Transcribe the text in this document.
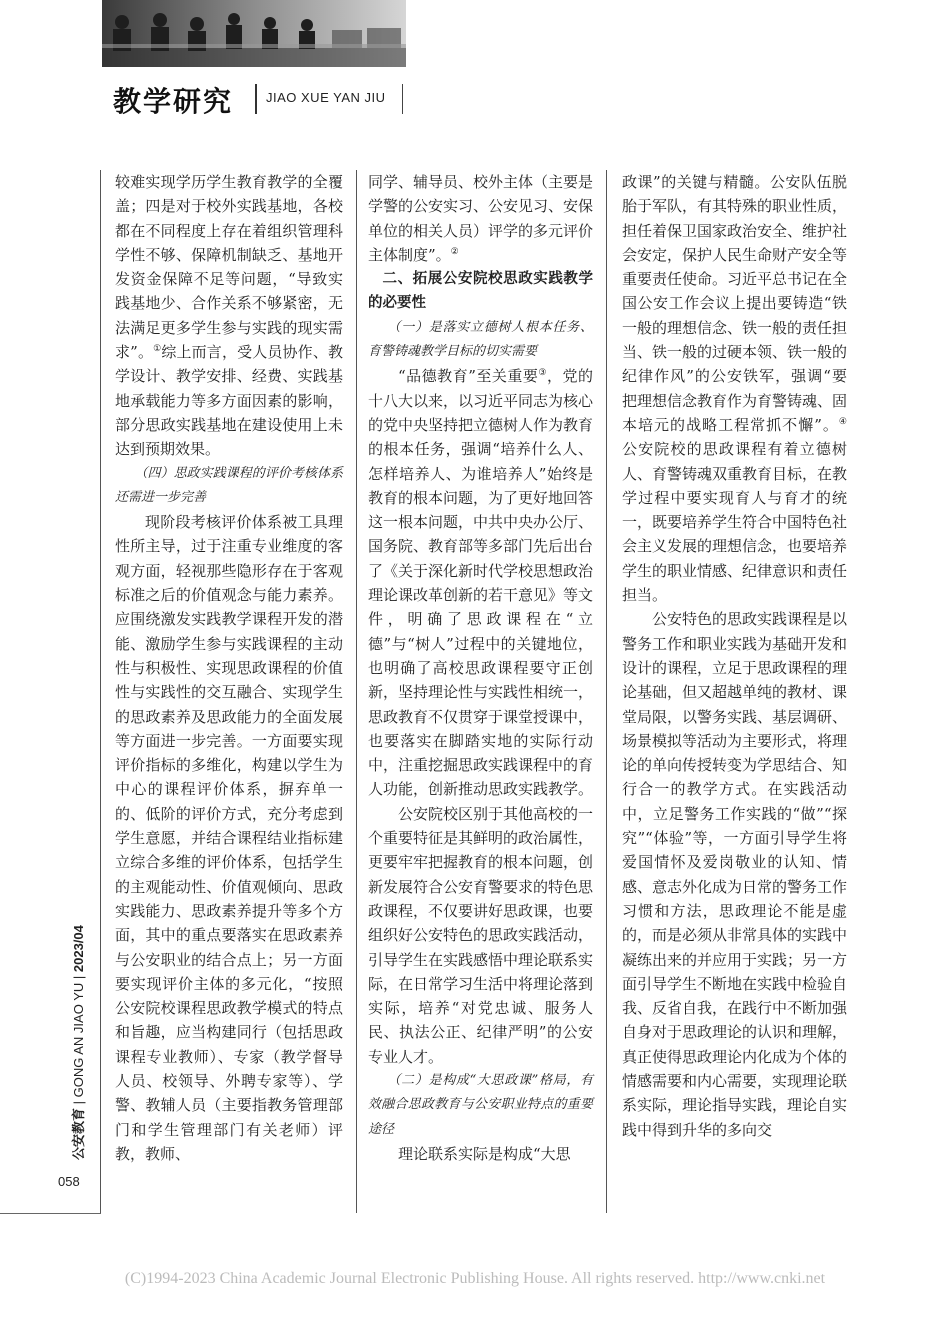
教学研究	JIAO XUE YAN JIU

较难实现学历学生教育教学的全覆盖；四是对于校外实践基地，各校都在不同程度上存在着组织管理科学性不够、保障机制缺乏、基地开发资金保障不足等问题，“导致实践基地少、合作关系不够紧密，无法满足更多学生参与实践的现实需求”。①综上而言，受人员协作、教学设计、教学安排、经费、实践基地承载能力等多方面因素的影响，部分思政实践基地在建设使用上未达到预期效果。

（四）思政实践课程的评价考核体系还需进一步完善

现阶段考核评价体系被工具理性所主导，过于注重专业维度的客观方面，轻视那些隐形存在于客观标准之后的价值观念与能力素养。应围绕激发实践教学课程开发的潜能、激励学生参与实践课程的主动性与积极性、实现思政课程的价值性与实践性的交互融合、实现学生的思政素养及思政能力的全面发展等方面进一步完善。一方面要实现评价指标的多维化，构建以学生为中心的课程评价体系，摒弃单一的、低阶的评价方式，充分考虑到学生意愿，并结合课程结业指标建立综合多维的评价体系，包括学生的主观能动性、价值观倾向、思政实践能力、思政素养提升等多个方面，其中的重点要落实在思政素养与公安职业的结合点上；另一方面要实现评价主体的多元化，“按照公安院校课程思政教学模式的特点和旨趣，应当构建同行（包括思政课程专业教师）、专家（教学督导人员、校领导、外聘专家等）、学警、教辅人员（主要指教务管理部门和学生管理部门有关老师）评教，教师、

同学、辅导员、校外主体（主要是学警的公安实习、公安见习、安保单位的相关人员）评学的多元评价主体制度”。②

二、拓展公安院校思政实践教学的必要性

（一）是落实立德树人根本任务、育警铸魂教学目标的切实需要

“品德教育”至关重要③，党的十八大以来，以习近平同志为核心的党中央坚持把立德树人作为教育的根本任务，强调“培养什么人、怎样培养人、为谁培养人”始终是教育的根本问题，为了更好地回答这一根本问题，中共中央办公厅、国务院、教育部等多部门先后出台了《关于深化新时代学校思想政治理论课改革创新的若干意见》等文件，明确了思政课程在“立德”与“树人”过程中的关键地位，也明确了高校思政课程要守正创新，坚持理论性与实践性相统一，思政教育不仅贯穿于课堂授课中，也要落实在脚踏实地的实际行动中，注重挖掘思政实践课程中的育人功能，创新推动思政实践教学。

公安院校区别于其他高校的一个重要特征是其鲜明的政治属性，更要牢牢把握教育的根本问题，创新发展符合公安育警要求的特色思政课程，不仅要讲好思政课，也要组织好公安特色的思政实践活动，引导学生在实践感悟中理论联系实际，在日常学习生活中将理论落到实际，培养“对党忠诚、服务人民、执法公正、纪律严明”的公安专业人才。

（二）是构成“大思政课”格局，有效融合思政教育与公安职业特点的重要途径

理论联系实际是构成“大思

政课”的关键与精髓。公安队伍脱胎于军队，有其特殊的职业性质，担任着保卫国家政治安全、维护社会安定，保护人民生命财产安全等重要责任使命。习近平总书记在全国公安工作会议上提出要铸造“铁一般的理想信念、铁一般的责任担当、铁一般的过硬本领、铁一般的纪律作风”的公安铁军，强调“要把理想信念教育作为育警铸魂、固本培元的战略工程常抓不懈”。④公安院校的思政课程有着立德树人、育警铸魂双重教育目标，在教学过程中要实现育人与育才的统一，既要培养学生符合中国特色社会主义发展的理想信念，也要培养学生的职业情感、纪律意识和责任担当。

公安特色的思政实践课程是以警务工作和职业实践为基础开发和设计的课程，立足于思政课程的理论基础，但又超越单纯的教材、课堂局限，以警务实践、基层调研、场景模拟等活动为主要形式，将理论的单向传授转变为学思结合、知行合一的教学方式。在实践活动中，立足警务工作实践的“做”“探究”“体验”等，一方面引导学生将爱国情怀及爱岗敬业的认知、情感、意志外化成为日常的警务工作习惯和方法，思政理论不能是虚的，而是必须从非常具体的实践中凝练出来的并应用于实践；另一方面引导学生不断地在实践中检验自我、反省自我，在践行中不断加强自身对于思政理论的认识和理解，真正使得思政理论内化成为个体的情感需要和内心需要，实现理论联系实际，理论指导实践，理论自实践中得到升华的多向交

公安教育 | GONG AN JIAO YU | 2023/04
058
(C)1994-2023 China Academic Journal Electronic Publishing House. All rights reserved. http://www.cnki.net
